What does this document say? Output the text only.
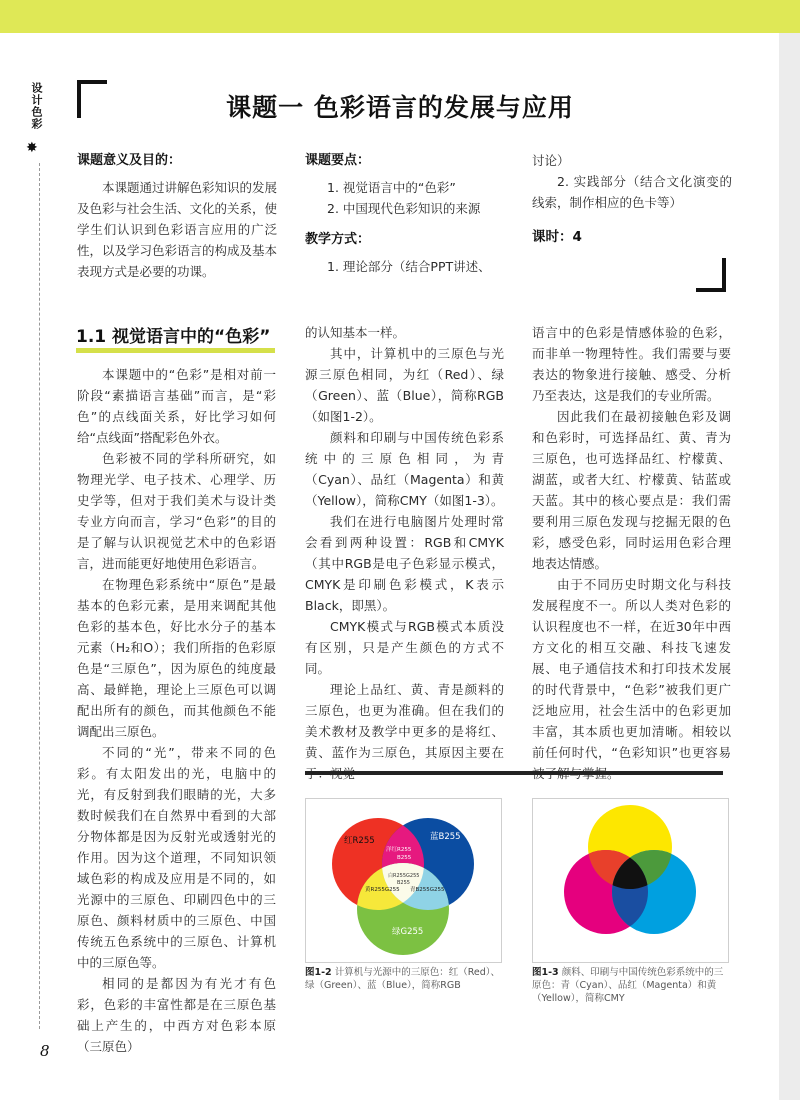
设计色彩
✸
8
课题一 色彩语言的发展与应用

课题意义及目的：

本课题通过讲解色彩知识的发展及色彩与社会生活、文化的关系，使学生们认识到色彩语言应用的广泛性，以及学习色彩语言的构成及基本表现方式是必要的功课。

课题要点：

1. 视觉语言中的“色彩”

2. 中国现代色彩知识的来源

教学方式：

1. 理论部分（结合PPT讲述、

讨论）

2. 实践部分（结合文化演变的线索，制作相应的色卡等）

课时：4

1.1 视觉语言中的“色彩”

本课题中的“色彩”是相对前一阶段“素描语言基础”而言，是“彩色”的点线面关系，好比学习如何给“点线面”搭配彩色外衣。

色彩被不同的学科所研究，如物理光学、电子技术、心理学、历史学等，但对于我们美术与设计类专业方向而言，学习“色彩”的目的是了解与认识视觉艺术中的色彩语言，进而能更好地使用色彩语言。

在物理色彩系统中“原色”是最基本的色彩元素，是用来调配其他色彩的基本色，好比水分子的基本元素（H₂和O）；我们所指的色彩原色是“三原色”，因为原色的纯度最高、最鲜艳，理论上三原色可以调配出所有的颜色，而其他颜色不能调配出三原色。

不同的“光”，带来不同的色彩。有太阳发出的光，电脑中的光，有反射到我们眼睛的光，大多数时候我们在自然界中看到的大部分物体都是因为反射光或透射光的作用。因为这个道理，不同知识领域色彩的构成及应用是不同的，如光源中的三原色、印刷四色中的三原色、颜料材质中的三原色、中国传统五色系统中的三原色、计算机中的三原色等。

相同的是都因为有光才有色彩，色彩的丰富性都是在三原色基础上产生的，中西方对色彩本原（三原色）

的认知基本一样。

其中，计算机中的三原色与光源三原色相同，为红（Red）、绿（Green）、蓝（Blue），简称RGB（如图1-2）。

颜料和印刷与中国传统色彩系统中的三原色相同，为青（Cyan）、品红（Magenta）和黄（Yellow），简称CMY（如图1-3）。

我们在进行电脑图片处理时常会看到两种设置：RGB和CMYK（其中RGB是电子色彩显示模式，CMYK是印刷色彩模式，K表示Black，即黑）。

CMYK模式与RGB模式本质没有区别，只是产生颜色的方式不同。

理论上品红、黄、青是颜料的三原色，也更为准确。但在我们的美术教材及教学中更多的是将红、黄、蓝作为三原色，其原因主要在

语言中的色彩是情感体验的色彩，而非单一物理特性。我们需要与要表达的物象进行接触、感受、分析乃至表达，这是我们的专业所需。

因此我们在最初接触色彩及调和色彩时，可选择品红、黄、青为三原色，也可选择品红、柠檬黄、湖蓝，或者大红、柠檬黄、钴蓝或天蓝。其中的核心要点是：我们需要利用三原色发现与挖掘无限的色彩，感受色彩，同时运用色彩合理地表达情感。

由于不同历史时期文化与科技发展程度不一。所以人类对色彩的认识程度也不一样，在近30年中西方文化的相互交融、科技飞速发展、电子通信技术和打印技术发展的时代背景中，“色彩”被我们更广泛地应用，社会生活中的色彩更加丰富，其本质也更加清晰。相较以前任何时代，“色彩知识”也更容易

红R255	蓝B255
绿G255
洋红R255
B255
白R255G255
B255
黄R255G255 青B255G255
图1-2 计算机与光源中的三原色：红（Red）、绿（Green）、蓝（Blue），简称RGB
图1-3 颜料、印刷与中国传统色彩系统中的三原色：青（Cyan）、品红（Magenta）和黄（Yellow），简称CMY
